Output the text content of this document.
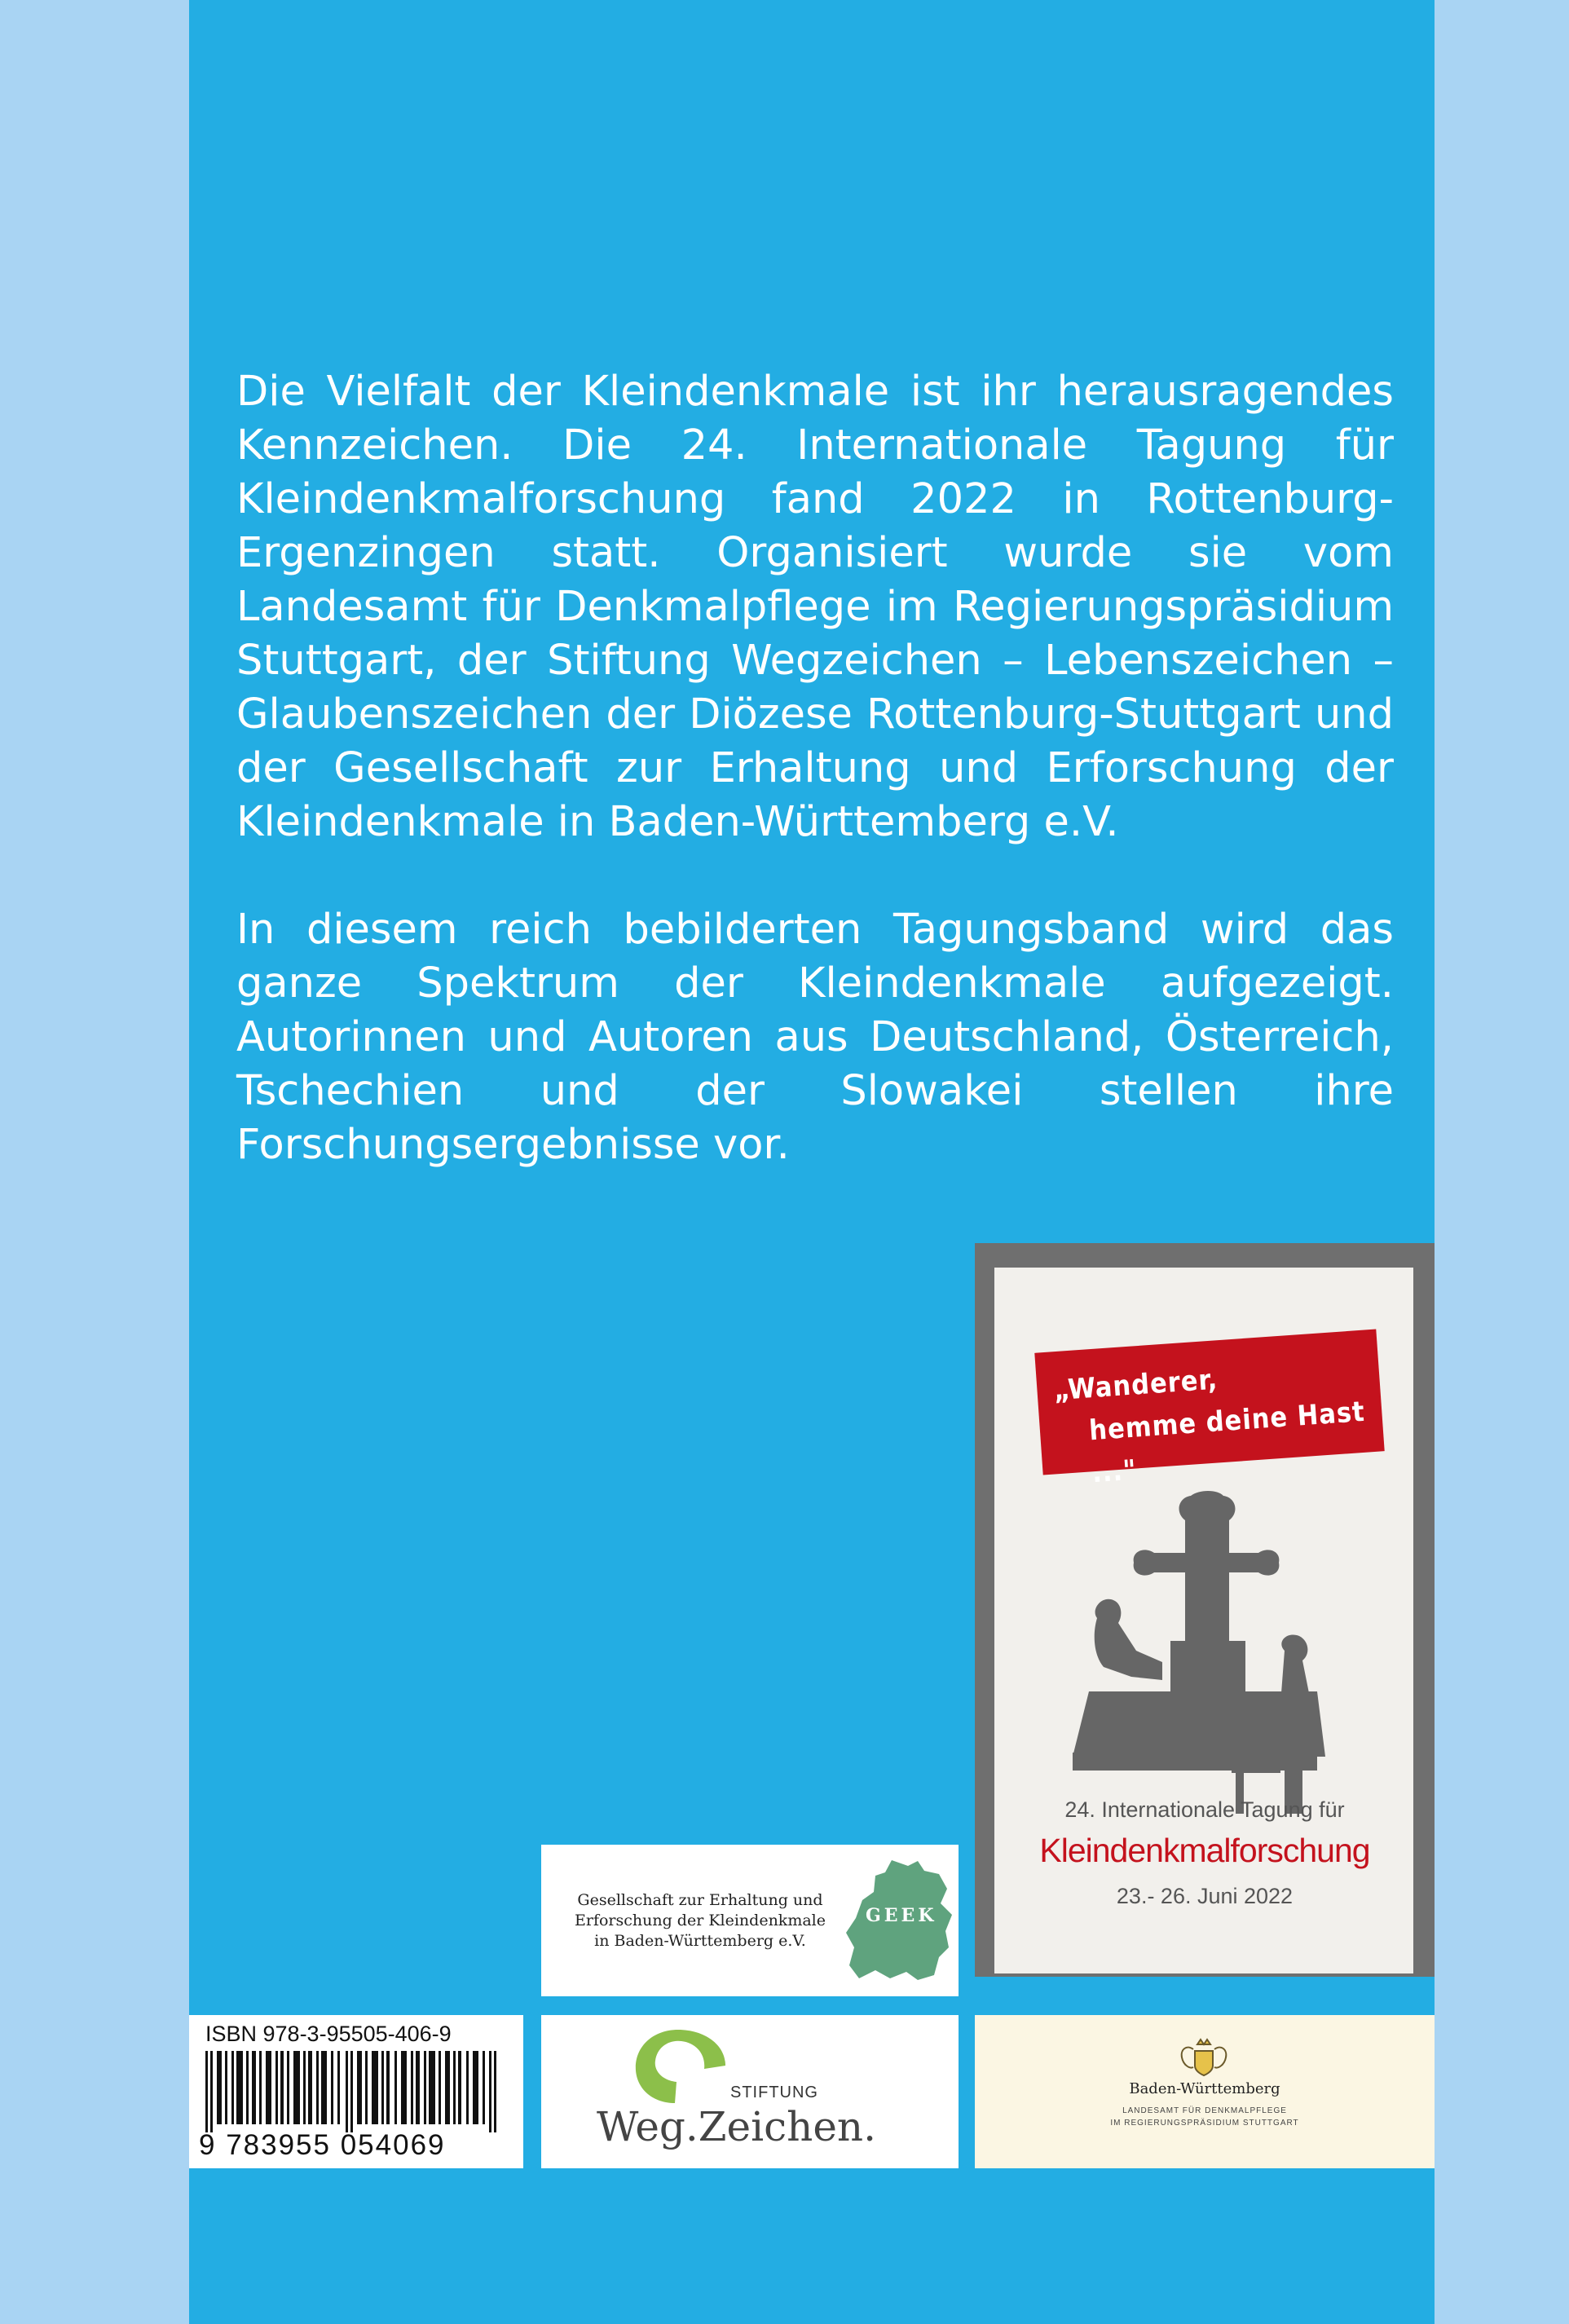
Die Vielfalt der Kleindenkmale ist ihr herausragendes Kennzeichen. Die 24. Internationale Tagung für Kleindenkmalforschung fand 2022 in Rottenburg-Ergenzingen statt. Organisiert wurde sie vom Landesamt für Denkmalpflege im Regierungspräsidium Stuttgart, der Stiftung Wegzeichen – Lebenszeichen – Glaubenszeichen der Diözese Rottenburg-Stuttgart und der Gesellschaft zur Erhaltung und Erforschung der Kleindenkmale in Baden-Württemberg e.V.

In diesem reich bebilderten Tagungsband wird das ganze Spektrum der Kleindenkmale aufgezeigt. Autorinnen und Autoren aus Deutschland, Österreich, Tschechien und der Slowakei stellen ihre Forschungsergebnisse vor.

„Wanderer,
hemme deine Hast ..."
24. Internationale Tagung für
Kleindenkmalforschung
23.- 26. Juni 2022
Gesellschaft zur Erhaltung und
Erforschung der Kleindenkmale
in Baden-Württemberg e.V.
GEEK
ISBN 978-3-95505-406-9
9 783955 054069
STIFTUNG
Weg.Zeichen.
Baden-Württemberg
LANDESAMT FÜR DENKMALPFLEGE
IM REGIERUNGSPRÄSIDIUM STUTTGART
